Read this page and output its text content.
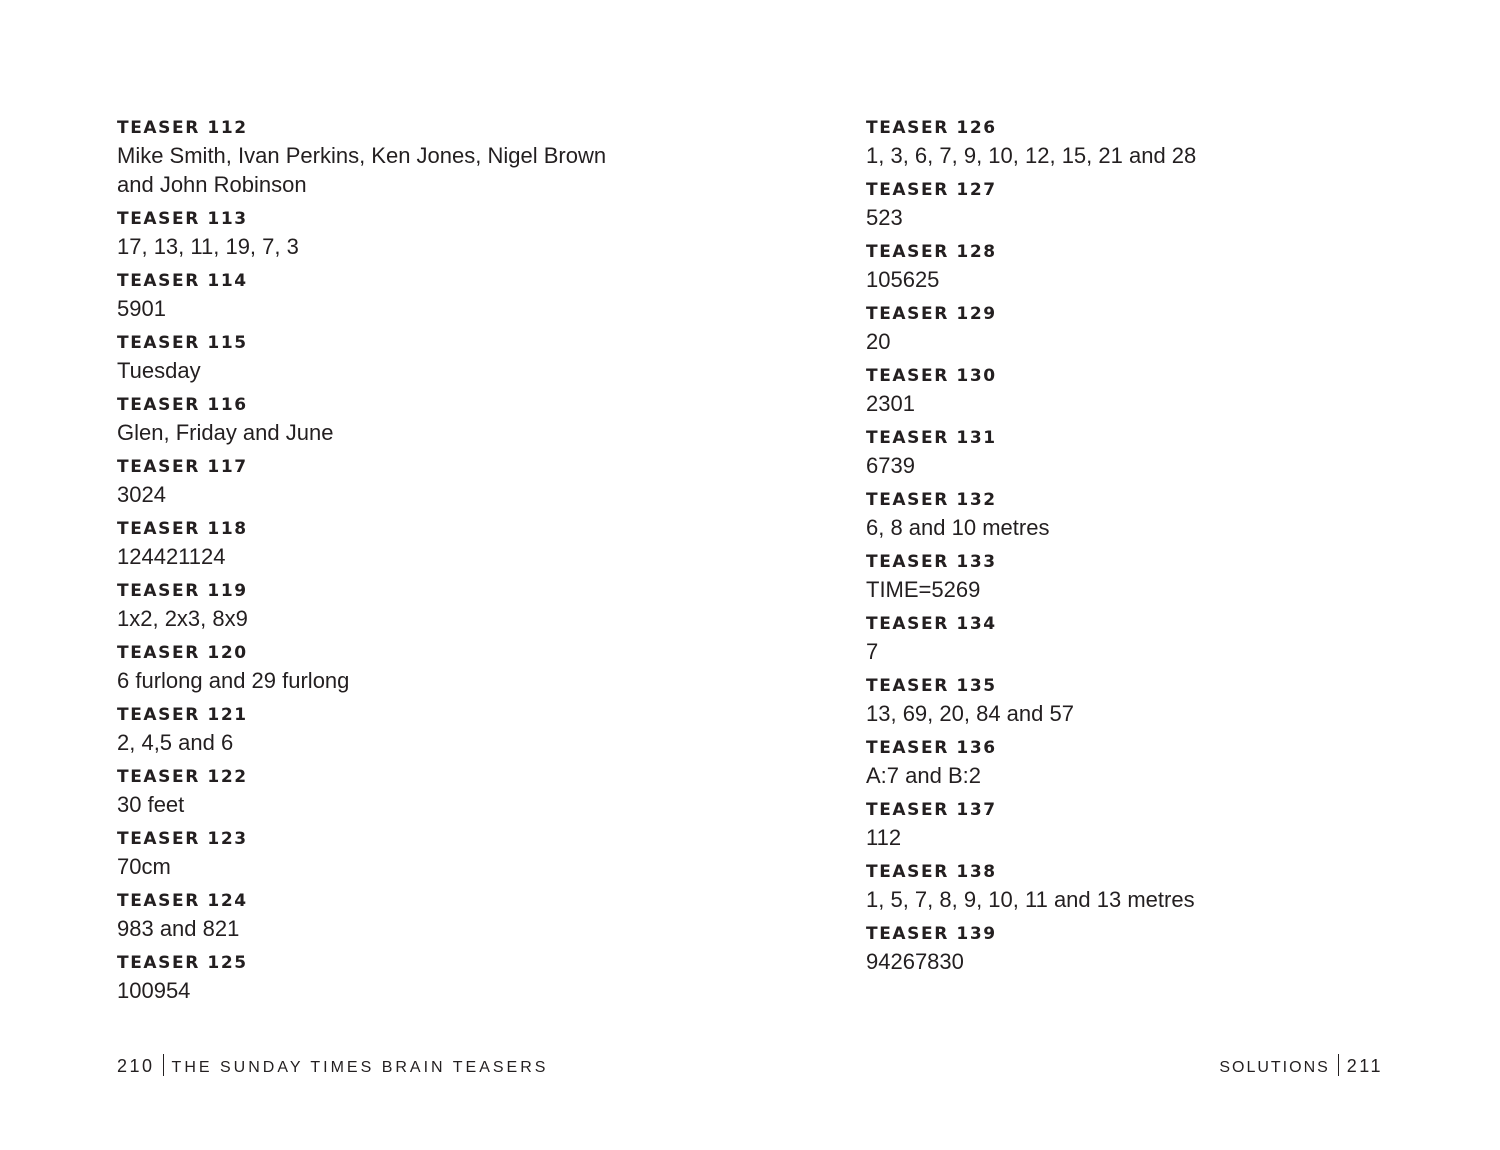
TEASER 112
Mike Smith, Ivan Perkins, Ken Jones, Nigel Brown
and John Robinson
TEASER 113
17, 13, 11, 19, 7, 3
TEASER 114
5901
TEASER 115
Tuesday
TEASER 116
Glen, Friday and June
TEASER 117
3024
TEASER 118
124421124
TEASER 119
1x2, 2x3, 8x9
TEASER 120
6 furlong and 29 furlong
TEASER 121
2, 4,5 and 6
TEASER 122
30 feet
TEASER 123
70cm
TEASER 124
983 and 821
TEASER 125
100954
TEASER 126
1, 3, 6, 7, 9, 10, 12, 15, 21 and 28
TEASER 127
523
TEASER 128
105625
TEASER 129
20
TEASER 130
2301
TEASER 131
6739
TEASER 132
6, 8 and 10 metres
TEASER 133
TIME=5269
TEASER 134
7
TEASER 135
13, 69, 20, 84 and 57
TEASER 136
A:7 and B:2
TEASER 137
112
TEASER 138
1, 5, 7, 8, 9, 10, 11 and 13 metres
TEASER 139
94267830
210 THE SUNDAY TIMES BRAIN TEASERS	SOLUTIONS 211
